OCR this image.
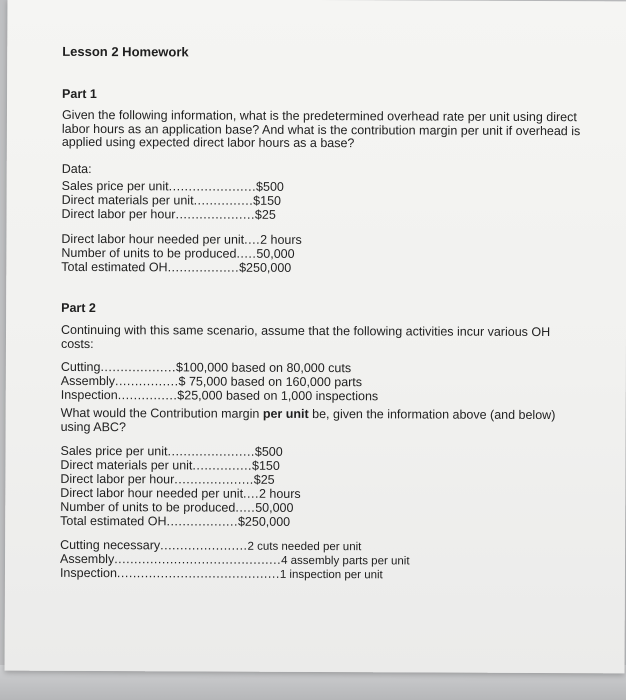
Lesson 2 Homework
Part 1
Given the following information, what is the predetermined overhead rate per unit using direct labor hours as an application base? And what is the contribution margin per unit if overhead is applied using expected direct labor hours as a base?
Data:
Sales price per unit......................$500
Direct materials per unit...............$150
Direct labor per hour....................$25
Direct labor hour needed per unit....2 hours
Number of units to be produced.....50,000
Total estimated OH..................$250,000
Part 2
Continuing with this same scenario, assume that the following activities incur various OH costs:
Cutting...................$100,000 based on 80,000 cuts
Assembly................$ 75,000 based on 160,000 parts
Inspection...............$25,000 based on 1,000 inspections
What would the Contribution margin per unit be, given the information above (and below) using ABC?
Sales price per unit......................$500
Direct materials per unit...............$150
Direct labor per hour....................$25
Direct labor hour needed per unit....2 hours
Number of units to be produced.....50,000
Total estimated OH..................$250,000
Cutting necessary......................2 cuts needed per unit
Assembly..........................................4 assembly parts per unit
Inspection.........................................1 inspection per unit
